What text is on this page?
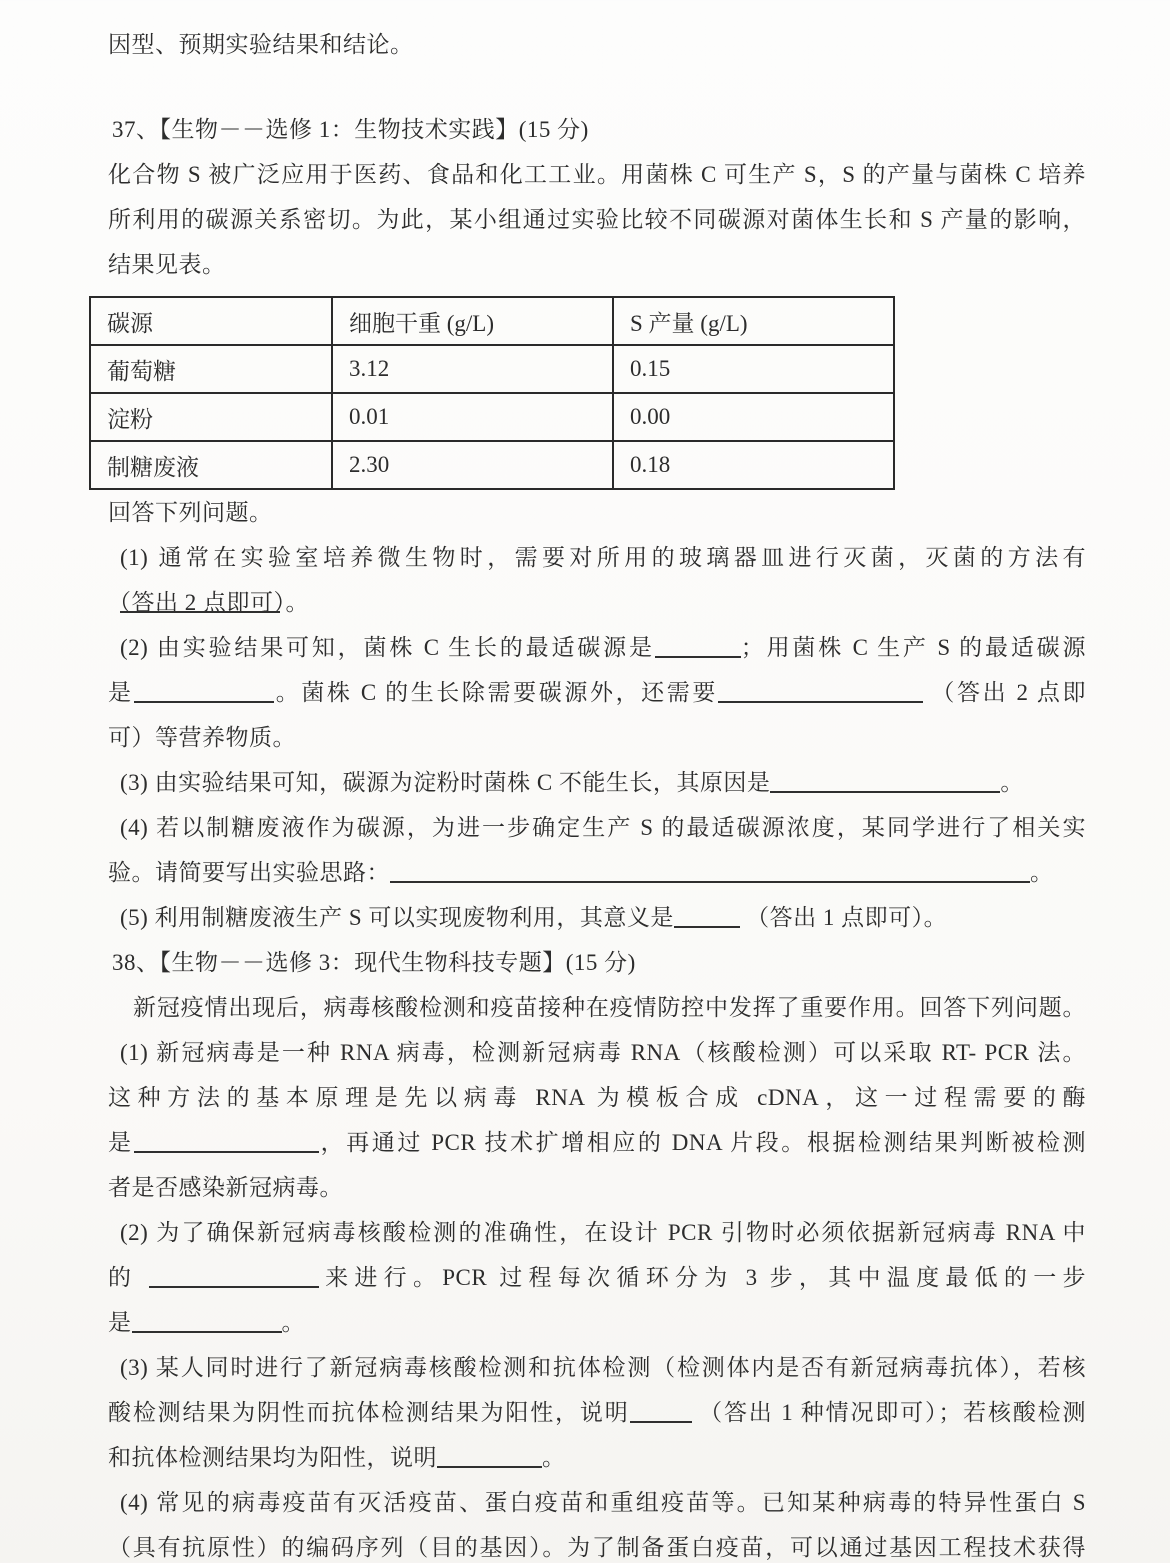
因型、预期实验结果和结论。
37、【生物－－选修 1：生物技术实践】(15 分)
化合物 S 被广泛应用于医药、食品和化工工业。用菌株 C 可生产 S，S 的产量与菌株 C 培养
所利用的碳源关系密切。为此，某小组通过实验比较不同碳源对菌体生长和 S 产量的影响，
结果见表。
碳源	细胞干重 (g/L)	S 产量 (g/L)
葡萄糖	3.12	0.15
淀粉	0.01	0.00
制糖废液	2.30	0.18
回答下列问题。
(1) 通常在实验室培养微生物时，需要对所用的玻璃器皿进行灭菌，灭菌的方法有
（答出 2 点即可）。
(2) 由实验结果可知，菌株 C 生长的最适碳源是	；用菌株 C 生产 S 的最适碳源
是	。菌株 C 的生长除需要碳源外，还需要	（答出 2 点即
可）等营养物质。
(3) 由实验结果可知，碳源为淀粉时菌株 C 不能生长，其原因是	。
(4) 若以制糖废液作为碳源，为进一步确定生产 S 的最适碳源浓度，某同学进行了相关实
验。请简要写出实验思路：	。
(5) 利用制糖废液生产 S 可以实现废物利用，其意义是	（答出 1 点即可）。
38、【生物－－选修 3：现代生物科技专题】(15 分)
新冠疫情出现后，病毒核酸检测和疫苗接种在疫情防控中发挥了重要作用。回答下列问题。
(1) 新冠病毒是一种 RNA 病毒，检测新冠病毒 RNA（核酸检测）可以采取 RT- PCR 法。
这种方法的基本原理是先以病毒 RNA 为模板合成 cDNA，这一过程需要的酶
是	，再通过 PCR 技术扩增相应的 DNA 片段。根据检测结果判断被检测
者是否感染新冠病毒。
(2) 为了确保新冠病毒核酸检测的准确性，在设计 PCR 引物时必须依据新冠病毒 RNA 中
的	来进行。PCR 过程每次循环分为 3 步，其中温度最低的一步
是	。
(3) 某人同时进行了新冠病毒核酸检测和抗体检测（检测体内是否有新冠病毒抗体），若核
酸检测结果为阴性而抗体检测结果为阳性，说明	（答出 1 种情况即可）；若核酸检测
和抗体检测结果均为阳性，说明	。
(4) 常见的病毒疫苗有灭活疫苗、蛋白疫苗和重组疫苗等。已知某种病毒的特异性蛋白 S
（具有抗原性）的编码序列（目的基因）。为了制备蛋白疫苗，可以通过基因工程技术获得
